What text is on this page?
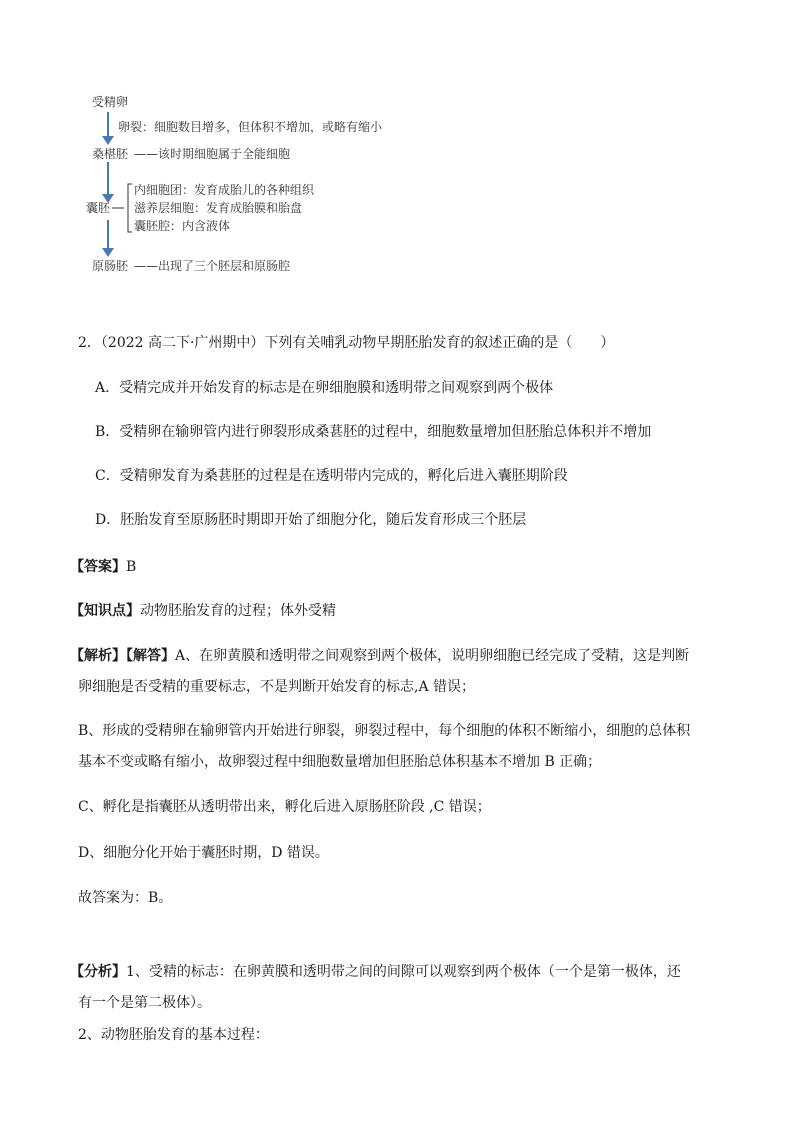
受精卵
卵裂：细胞数目增多，但体积不增加，或略有缩小
桑椹胚 ——该时期细胞属于全能细胞
囊胚
内细胞团：发育成胎儿的各种组织
滋养层细胞：发育成胎膜和胎盘
囊胚腔：内含液体
原肠胚 ——出现了三个胚层和原肠腔
2．（2022 高二下·广州期中）下列有关哺乳动物早期胚胎发育的叙述正确的是（　　）
A．受精完成并开始发育的标志是在卵细胞膜和透明带之间观察到两个极体
B．受精卵在输卵管内进行卵裂形成桑葚胚的过程中，细胞数量增加但胚胎总体积并不增加
C．受精卵发育为桑葚胚的过程是在透明带内完成的，孵化后进入囊胚期阶段
D．胚胎发育至原肠胚时期即开始了细胞分化，随后发育形成三个胚层
【答案】B
【知识点】动物胚胎发育的过程；体外受精
【解析】【解答】A、在卵黄膜和透明带之间观察到两个极体，说明卵细胞已经完成了受精，这是判断
卵细胞是否受精的重要标志，不是判断开始发育的标志,A 错误；
B、形成的受精卵在输卵管内开始进行卵裂，卵裂过程中，每个细胞的体积不断缩小，细胞的总体积
基本不变或略有缩小，故卵裂过程中细胞数量增加但胚胎总体积基本不增加 B 正确；
C、孵化是指囊胚从透明带出来，孵化后进入原肠胚阶段 ,C 错误；
D、细胞分化开始于囊胚时期，D 错误。
故答案为：B。
【分析】1、受精的标志：在卵黄膜和透明带之间的间隙可以观察到两个极体（一个是第一极体，还
有一个是第二极体）。
2、动物胚胎发育的基本过程：
